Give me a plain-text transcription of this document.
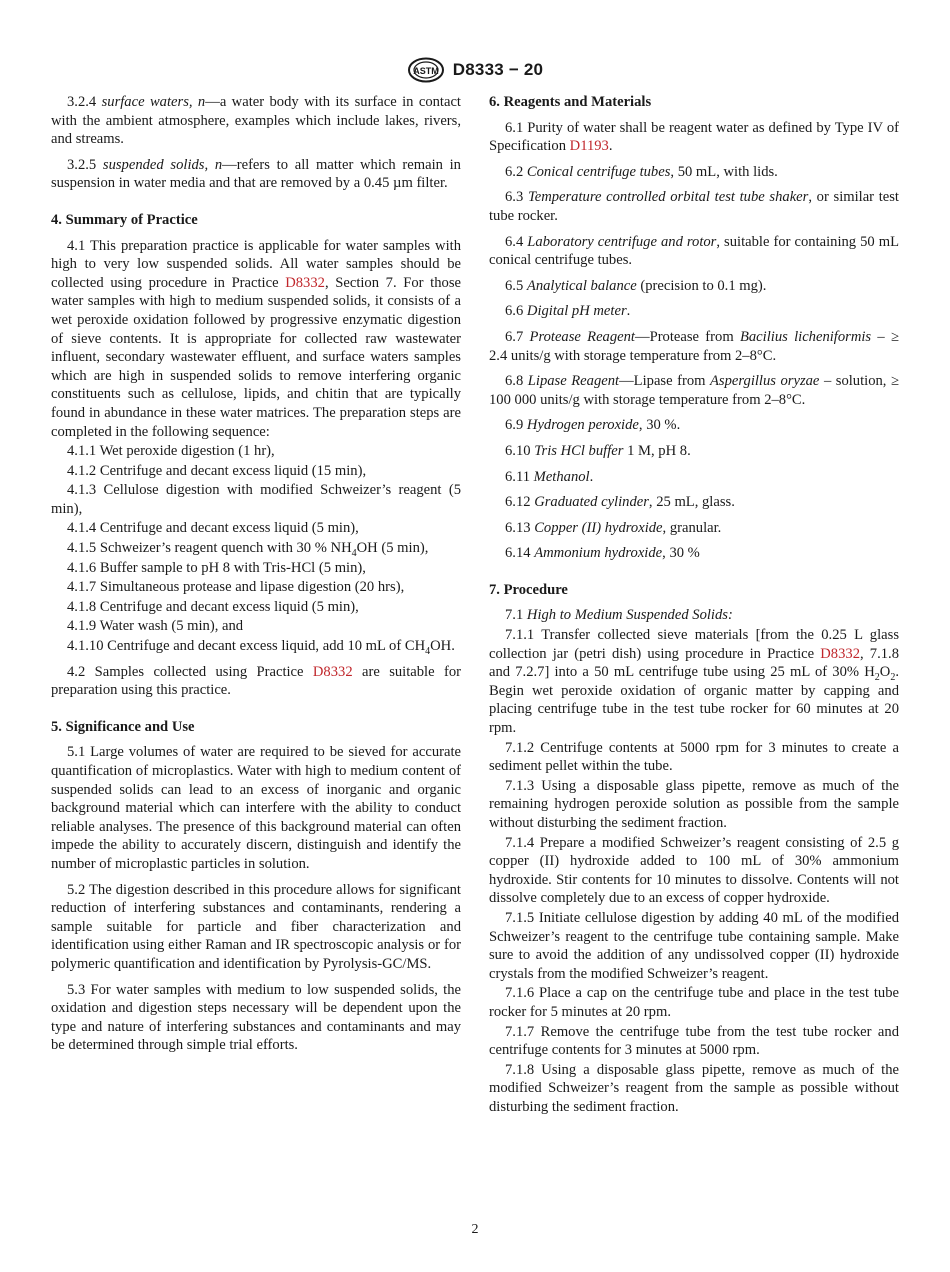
ASTM D8333 − 20

3.2.4 surface waters, n—a water body with its surface in contact with the ambient atmosphere, examples which include lakes, rivers, and streams.

3.2.5 suspended solids, n—refers to all matter which remain in suspension in water media and that are removed by a 0.45 µm filter.

4. Summary of Practice

4.1 This preparation practice is applicable for water samples with high to very low suspended solids. All water samples should be collected using procedure in Practice D8332, Section 7. For those water samples with high to medium suspended solids, it consists of a wet peroxide oxidation followed by progressive enzymatic digestion of sieve contents. It is appropriate for collected raw wastewater influent, secondary wastewater effluent, and surface waters samples which are high in suspended solids to remove interfering organic constituents such as cellulose, lipids, and chitin that are typically found in abundance in these water matrices. The preparation steps are completed in the following sequence:

4.1.1 Wet peroxide digestion (1 hr),

4.1.2 Centrifuge and decant excess liquid (15 min),

4.1.3 Cellulose digestion with modified Schweizer’s reagent (5 min),

4.1.4 Centrifuge and decant excess liquid (5 min),

4.1.5 Schweizer’s reagent quench with 30 % $NH_4OH$ (5 min),

4.1.6 Buffer sample to pH 8 with Tris-HCl (5 min),

4.1.7 Simultaneous protease and lipase digestion (20 hrs),

4.1.8 Centrifuge and decant excess liquid (5 min),

4.1.9 Water wash (5 min), and

4.1.10 Centrifuge and decant excess liquid, add 10 mL of $CH_4OH$.

4.2 Samples collected using Practice D8332 are suitable for preparation using this practice.

5. Significance and Use

5.1 Large volumes of water are required to be sieved for accurate quantification of microplastics. Water with high to medium content of suspended solids can lead to an excess of inorganic and organic background material which can interfere with the ability to conduct reliable analyses. The presence of this background material can often impede the ability to accurately discern, distinguish and identify the number of microplastic particles in solution.

5.2 The digestion described in this procedure allows for significant reduction of interfering substances and contaminants, rendering a sample suitable for particle and fiber characterization and identification using either Raman and IR spectroscopic analysis or for polymeric quantification and identification by Pyrolysis-GC/MS.

5.3 For water samples with medium to low suspended solids, the oxidation and digestion steps necessary will be dependent upon the type and nature of interfering substances and contaminants and may be determined through simple trial efforts.

6. Reagents and Materials

6.1 Purity of water shall be reagent water as defined by Type IV of Specification D1193.

6.2 Conical centrifuge tubes, 50 mL, with lids.

6.3 Temperature controlled orbital test tube shaker, or similar test tube rocker.

6.4 Laboratory centrifuge and rotor, suitable for containing 50 mL conical centrifuge tubes.

6.5 Analytical balance (precision to 0.1 mg).

6.6 Digital pH meter.

6.7 Protease Reagent—Protease from Bacilius licheniformis – ≥ 2.4 units/g with storage temperature from 2–8°C.

6.8 Lipase Reagent—Lipase from Aspergillus oryzae – solution, ≥ 100 000 units/g with storage temperature from 2–8°C.

6.9 Hydrogen peroxide, 30 %.

6.10 Tris HCl buffer 1 M, pH 8.

6.11 Methanol.

6.12 Graduated cylinder, 25 mL, glass.

6.13 Copper (II) hydroxide, granular.

6.14 Ammonium hydroxide, 30 %

7. Procedure

7.1 High to Medium Suspended Solids:

7.1.1 Transfer collected sieve materials [from the 0.25 L glass collection jar (petri dish) using procedure in Practice D8332, 7.1.8 and 7.2.7] into a 50 mL centrifuge tube using 25 mL of 30% $H_2O_2$. Begin wet peroxide oxidation of organic matter by capping and placing centrifuge tube in the test tube rocker for 60 minutes at 20 rpm.

7.1.2 Centrifuge contents at 5000 rpm for 3 minutes to create a sediment pellet within the tube.

7.1.3 Using a disposable glass pipette, remove as much of the remaining hydrogen peroxide solution as possible from the sample without disturbing the sediment fraction.

7.1.4 Prepare a modified Schweizer’s reagent consisting of 2.5 g copper (II) hydroxide added to 100 mL of 30% ammonium hydroxide. Stir contents for 10 minutes to dissolve. Contents will not dissolve completely due to an excess of copper hydroxide.

7.1.5 Initiate cellulose digestion by adding 40 mL of the modified Schweizer’s reagent to the centrifuge tube containing sample. Make sure to avoid the addition of any undissolved copper (II) hydroxide crystals from the modified Schweizer’s reagent.

7.1.6 Place a cap on the centrifuge tube and place in the test tube rocker for 5 minutes at 20 rpm.

7.1.7 Remove the centrifuge tube from the test tube rocker and centrifuge contents for 3 minutes at 5000 rpm.

7.1.8 Using a disposable glass pipette, remove as much of the modified Schweizer’s reagent from the sample as possible without disturbing the sediment fraction.

2
